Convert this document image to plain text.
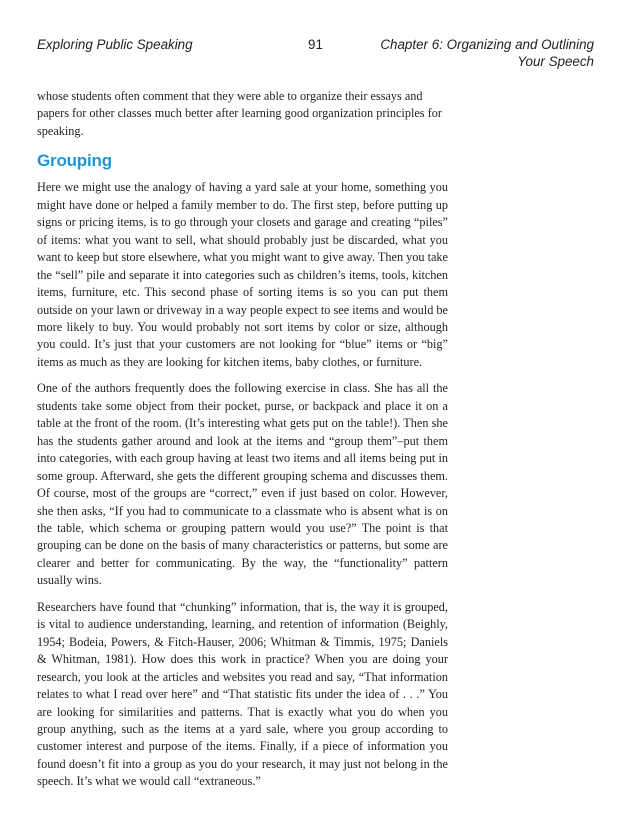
Exploring Public Speaking	91	Chapter 6: Organizing and Outlining
Your Speech

whose students often comment that they were able to organize their essays and papers for other classes much better after learning good organization principles for speaking.

Grouping

Here we might use the analogy of having a yard sale at your home, something you might have done or helped a family member to do. The first step, before putting up signs or pricing items, is to go through your closets and garage and creating “piles” of items: what you want to sell, what should probably just be discarded, what you want to keep but store elsewhere, what you might want to give away. Then you take the “sell” pile and separate it into categories such as children’s items, tools, kitchen items, furniture, etc. This second phase of sorting items is so you can put them outside on your lawn or driveway in a way people expect to see items and would be more likely to buy. You would probably not sort items by color or size, although you could. It’s just that your customers are not looking for “blue” items or “big” items as much as they are looking for kitchen items, baby clothes, or furniture.

One of the authors frequently does the following exercise in class. She has all the students take some object from their pocket, purse, or backpack and place it on a table at the front of the room. (It’s interesting what gets put on the table!). Then she has the students gather around and look at the items and “group them”–put them into categories, with each group having at least two items and all items being put in some group. Afterward, she gets the different grouping schema and discusses them. Of course, most of the groups are “correct,” even if just based on color. However, she then asks, “If you had to communicate to a classmate who is absent what is on the table, which schema or grouping pattern would you use?” The point is that grouping can be done on the basis of many characteristics or patterns, but some are clearer and better for communicating. By the way, the “functionality” pattern usually wins.

Researchers have found that “chunking” information, that is, the way it is grouped, is vital to audience understanding, learning, and retention of information (Beighly, 1954; Bodeia, Powers, & Fitch-Hauser, 2006; Whitman & Timmis, 1975; Daniels & Whitman, 1981). How does this work in practice? When you are doing your research, you look at the articles and websites you read and say, “That information relates to what I read over here” and “That statistic fits under the idea of . . .” You are looking for similarities and patterns. That is exactly what you do when you group anything, such as the items at a yard sale, where you group according to customer interest and purpose of the items. Finally, if a piece of information you found doesn’t fit into a group as you do your research, it may just not belong in the speech. It’s what we would call “extraneous.”
